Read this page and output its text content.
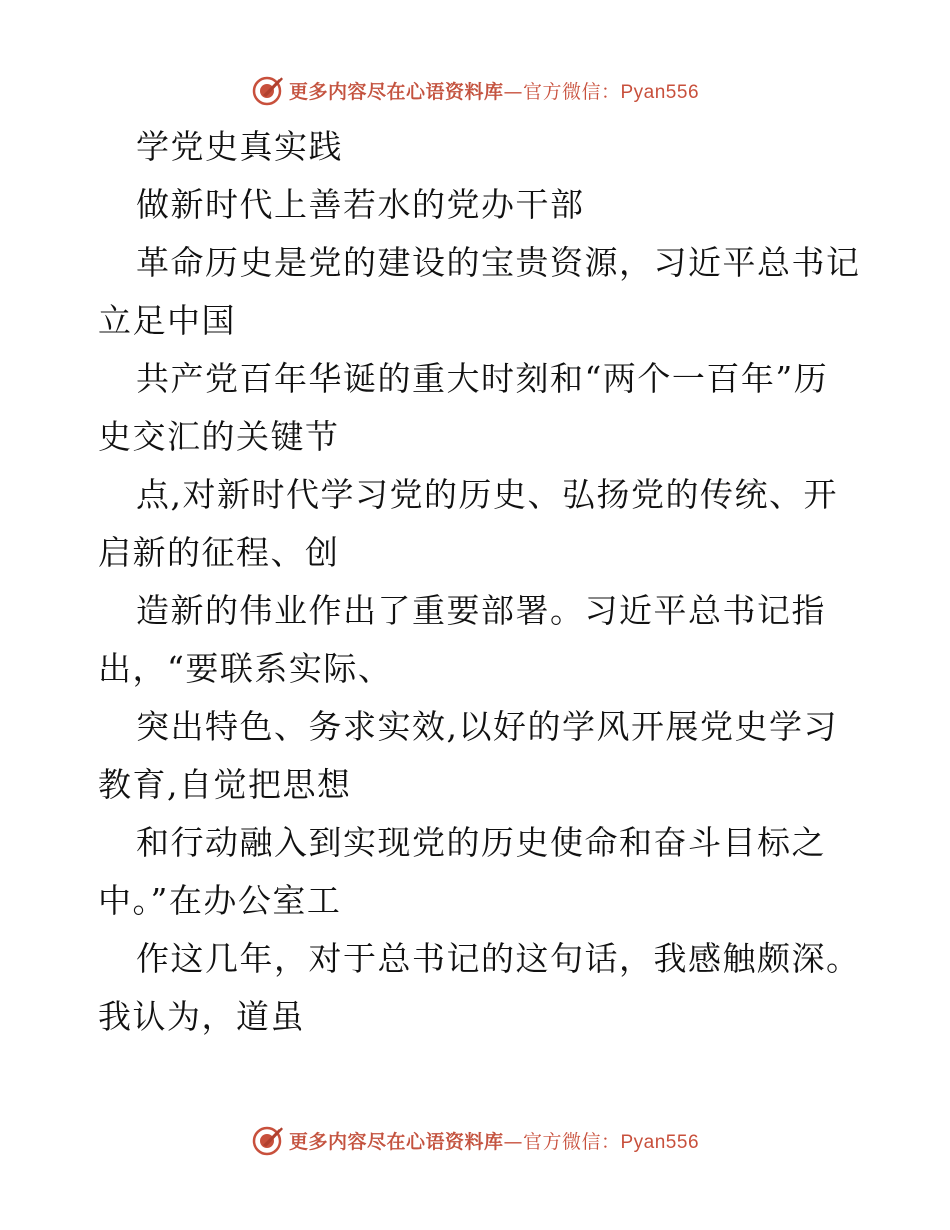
更多内容尽在心语资料库—官方微信：Pyan556
学党史真实践
做新时代上善若水的党办干部
革命历史是党的建设的宝贵资源，习近平总书记
立足中国
共产党百年华诞的重大时刻和“两个一百年”历
史交汇的关键节
点,对新时代学习党的历史、弘扬党的传统、开
启新的征程、创
造新的伟业作出了重要部署。习近平总书记指
出，“要联系实际、
突出特色、务求实效,以好的学风开展党史学习
教育,自觉把思想
和行动融入到实现党的历史使命和奋斗目标之
中。”在办公室工
作这几年，对于总书记的这句话，我感触颇深。
我认为，道虽
更多内容尽在心语资料库—官方微信：Pyan556
